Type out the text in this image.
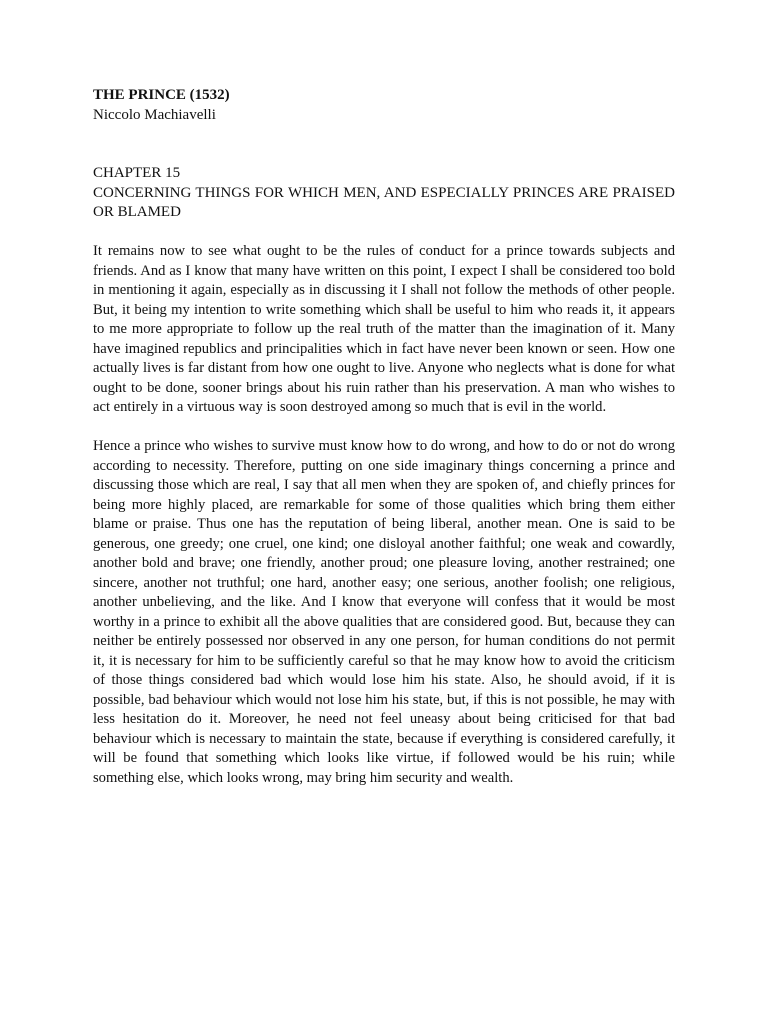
THE PRINCE (1532)
Niccolo Machiavelli
CHAPTER 15
CONCERNING THINGS FOR WHICH MEN, AND ESPECIALLY PRINCES ARE PRAISED OR BLAMED

It remains now to see what ought to be the rules of conduct for a prince towards subjects and friends. And as I know that many have written on this point, I expect I shall be considered too bold in mentioning it again, especially as in discussing it I shall not follow the methods of other people. But, it being my intention to write something which shall be useful to him who reads it, it appears to me more appropriate to follow up the real truth of the matter than the imagination of it. Many have imagined republics and principalities which in fact have never been known or seen. How one actually lives is far distant from how one ought to live. Anyone who neglects what is done for what ought to be done, sooner brings about his ruin rather than his preservation. A man who wishes to act entirely in a virtuous way is soon destroyed among so much that is evil in the world.

Hence a prince who wishes to survive must know how to do wrong, and how to do or not do wrong according to necessity. Therefore, putting on one side imaginary things concerning a prince and discussing those which are real, I say that all men when they are spoken of, and chiefly princes for being more highly placed, are remarkable for some of those qualities which bring them either blame or praise. Thus one has the reputation of being liberal, another mean. One is said to be generous, one greedy; one cruel, one kind; one disloyal another faithful; one weak and cowardly, another bold and brave; one friendly, another proud; one pleasure loving, another restrained; one sincere, another not truthful; one hard, another easy; one serious, another foolish; one religious, another unbelieving, and the like. And I know that everyone will confess that it would be most worthy in a prince to exhibit all the above qualities that are considered good. But, because they can neither be entirely possessed nor observed in any one person, for human conditions do not permit it, it is necessary for him to be sufficiently careful so that he may know how to avoid the criticism of those things considered bad which would lose him his state. Also, he should avoid, if it is possible, bad behaviour which would not lose him his state, but, if this is not possible, he may with less hesitation do it. Moreover, he need not feel uneasy about being criticised for that bad behaviour which is necessary to maintain the state, because if everything is considered carefully, it will be found that something which looks like virtue, if followed would be his ruin; while something else, which looks wrong, may bring him security and wealth.
